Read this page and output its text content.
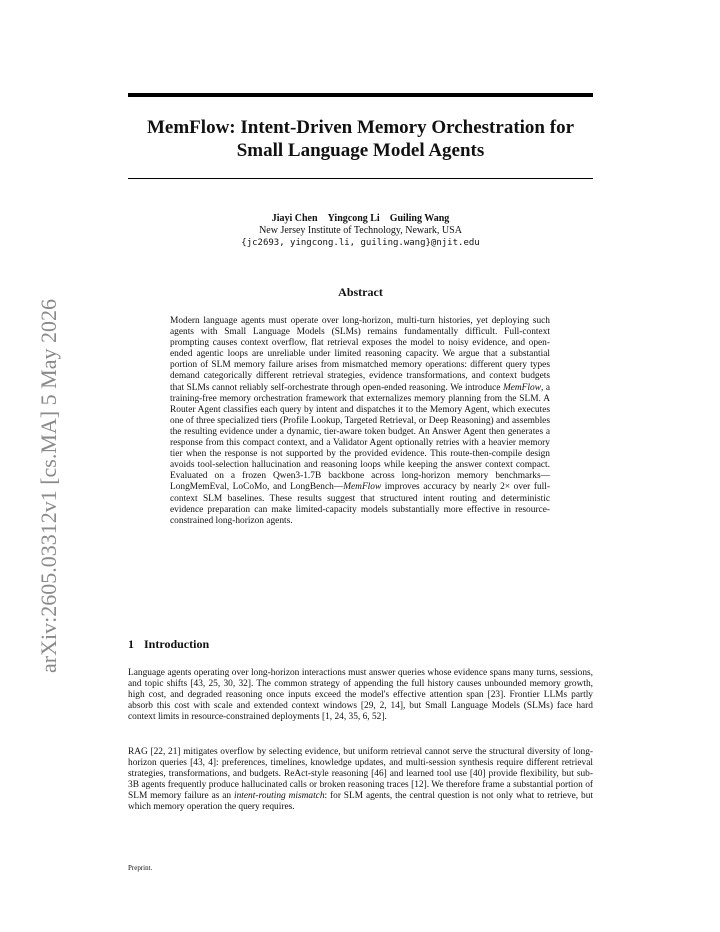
arXiv:2605.03312v1 [cs.MA] 5 May 2026
MemFlow: Intent-Driven Memory Orchestration for
Small Language Model Agents
Jiayi Chen Yingcong Li Guiling Wang
New Jersey Institute of Technology, Newark, USA
{jc2693, yingcong.li, guiling.wang}@njit.edu
Abstract
Modern language agents must operate over long-horizon, multi-turn histories, yet deploying such agents with Small Language Models (SLMs) remains fundamentally difficult. Full-context prompting causes context overflow, flat retrieval exposes the model to noisy evidence, and open-ended agentic loops are unreliable under limited reasoning capacity. We argue that a substantial portion of SLM memory failure arises from mismatched memory operations: different query types demand categorically different retrieval strategies, evidence transformations, and context budgets that SLMs cannot reliably self-orchestrate through open-ended reasoning. We introduce MemFlow, a training-free memory orchestration framework that externalizes memory planning from the SLM. A Router Agent classifies each query by intent and dispatches it to the Memory Agent, which executes one of three specialized tiers (Profile Lookup, Targeted Retrieval, or Deep Reasoning) and assembles the resulting evidence under a dynamic, tier-aware token budget. An Answer Agent then generates a response from this compact context, and a Validator Agent optionally retries with a heavier memory tier when the response is not supported by the provided evidence. This route-then-compile design avoids tool-selection hallucination and reasoning loops while keeping the answer context compact. Evaluated on a frozen Qwen3-1.7B backbone across long-horizon memory benchmarks—LongMemEval, LoCoMo, and LongBench—MemFlow improves accuracy by nearly 2× over full-context SLM baselines. These results suggest that structured intent routing and deterministic evidence preparation can make limited-capacity models substantially more effective in resource-constrained long-horizon agents.
1 Introduction
Language agents operating over long-horizon interactions must answer queries whose evidence spans many turns, sessions, and topic shifts [43, 25, 30, 32]. The common strategy of appending the full history causes unbounded memory growth, high cost, and degraded reasoning once inputs exceed the model's effective attention span [23]. Frontier LLMs partly absorb this cost with scale and extended context windows [29, 2, 14], but Small Language Models (SLMs) face hard context limits in resource-constrained deployments [1, 24, 35, 6, 52].
RAG [22, 21] mitigates overflow by selecting evidence, but uniform retrieval cannot serve the structural diversity of long-horizon queries [43, 4]: preferences, timelines, knowledge updates, and multi-session synthesis require different retrieval strategies, transformations, and budgets. ReAct-style reasoning [46] and learned tool use [40] provide flexibility, but sub-3B agents frequently produce hallucinated calls or broken reasoning traces [12]. We therefore frame a substantial portion of SLM memory failure as an intent-routing mismatch: for SLM agents, the central question is not only what to retrieve, but which memory operation the query requires.
Preprint.
